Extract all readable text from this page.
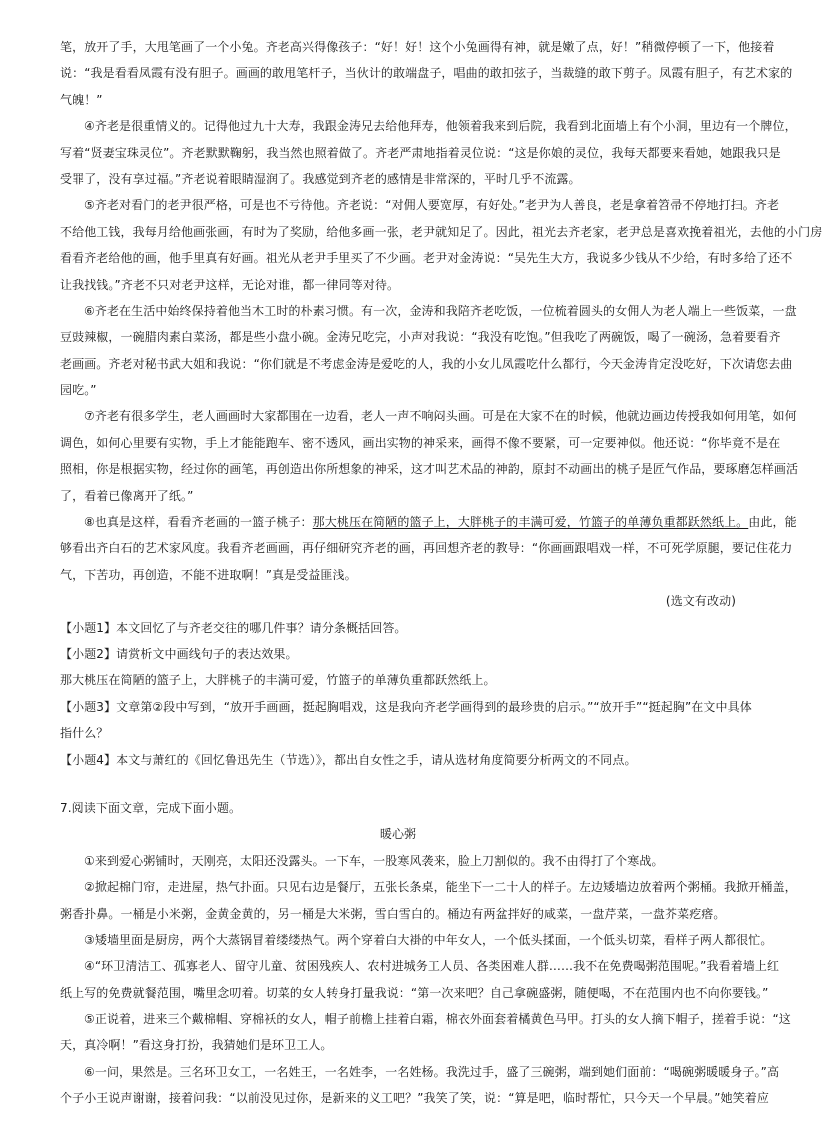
笔，放开了手，大甩笔画了一个小兔。齐老高兴得像孩子：“好！好！这个小兔画得有神，就是嫩了点，好！”稍微停顿了一下，他接着
说：“我是看看凤霞有没有胆子。画画的敢甩笔杆子，当伙计的敢端盘子，唱曲的敢扣弦子，当裁缝的敢下剪子。凤霞有胆子，有艺术家的
气魄！”
④齐老是很重情义的。记得他过九十大寿，我跟金涛兄去给他拜寿，他领着我来到后院，我看到北面墙上有个小洞，里边有一个牌位，
写着“贤妻宝珠灵位”。齐老默默鞠躬，我当然也照着做了。齐老严肃地指着灵位说：“这是你娘的灵位，我每天都要来看她，她跟我只是
受罪了，没有享过福。”齐老说着眼睛湿润了。我感觉到齐老的感情是非常深的，平时几乎不流露。
⑤齐老对看门的老尹很严格，可是也不亏待他。齐老说：“对佣人要宽厚，有好处。”老尹为人善良，老是拿着笤帚不停地打扫。齐老
不给他工钱，我每月给他画张画，有时为了奖励，给他多画一张，老尹就知足了。因此，祖光去齐老家，老尹总是喜欢挽着祖光，去他的小门房
看看齐老给他的画，他手里真有好画。祖光从老尹手里买了不少画。老尹对金涛说：“吴先生大方，我说多少钱从不少给，有时多给了还不
让我找钱。”齐老不只对老尹这样，无论对谁，都一律同等对待。
⑥齐老在生活中始终保持着他当木工时的朴素习惯。有一次，金涛和我陪齐老吃饭，一位梳着圆头的女佣人为老人端上一些饭菜，一盘
豆豉辣椒，一碗腊肉素白菜汤，都是些小盘小碗。金涛兄吃完，小声对我说：“我没有吃饱。”但我吃了两碗饭，喝了一碗汤，急着要看齐
老画画。齐老对秘书武大姐和我说：“你们就是不考虑金涛是爱吃的人，我的小女儿凤霞吃什么都行，今天金涛肯定没吃好，下次请您去曲
园吃。”
⑦齐老有很多学生，老人画画时大家都围在一边看，老人一声不响闷头画。可是在大家不在的时候，他就边画边传授我如何用笔，如何
调色，如何心里要有实物，手上才能能跑车、密不透风，画出实物的神采来，画得不像不要紧，可一定要神似。他还说：“你毕竟不是在
照相，你是根据实物，经过你的画笔，再创造出你所想象的神采，这才叫艺术品的神韵，原封不动画出的桃子是匠气作品，要琢磨怎样画活
了，看着已像离开了纸。”
⑧也真是这样，看看齐老画的一篮子桃子：那大桃压在简陋的篮子上，大胖桃子的丰满可爱，竹篮子的单薄负重都跃然纸上。由此，能
够看出齐白石的艺术家风度。我看齐老画画，再仔细研究齐老的画，再回想齐老的教导：“你画画跟唱戏一样，不可死学原腿，要记住花力
气，下苦功，再创造，不能不进取啊！”真是受益匪浅。
(选文有改动)
【小题1】本文回忆了与齐老交往的哪几件事？请分条概括回答。
【小题2】请赏析文中画线句子的表达效果。
那大桃压在简陋的篮子上，大胖桃子的丰满可爱，竹篮子的单薄负重都跃然纸上。
【小题3】文章第②段中写到，“放开手画画，挺起胸唱戏，这是我向齐老学画得到的最珍贵的启示。”“放开手”“挺起胸”在文中具体
指什么？
【小题4】本文与萧红的《回忆鲁迅先生（节选）》，都出自女性之手，请从选材角度简要分析两文的不同点。
7.阅读下面文章，完成下面小题。
暖心粥
①来到爱心粥铺时，天刚亮，太阳还没露头。一下车，一股寒风袭来，脸上刀割似的。我不由得打了个寒战。
②掀起棉门帘，走进屋，热气扑面。只见右边是餐厅，五张长条桌，能坐下一二十人的样子。左边矮墙边放着两个粥桶。我掀开桶盖，
粥香扑鼻。一桶是小米粥，金黄金黄的，另一桶是大米粥，雪白雪白的。桶边有两盆拌好的咸菜，一盘芹菜，一盘芥菜疙瘩。
③矮墙里面是厨房，两个大蒸锅冒着缕缕热气。两个穿着白大褂的中年女人，一个低头揉面，一个低头切菜，看样子两人都很忙。
④“环卫清洁工、孤寡老人、留守儿童、贫困残疾人、农村进城务工人员、各类困难人群……我不在免费喝粥范围呢。”我看着墙上红
纸上写的免费就餐范围，嘴里念叨着。切菜的女人转身打量我说：“第一次来吧？自己拿碗盛粥，随便喝，不在范围内也不向你要钱。”
⑤正说着，进来三个戴棉帽、穿棉袄的女人，帽子前檐上挂着白霜，棉衣外面套着橘黄色马甲。打头的女人摘下帽子，搓着手说：“这
天，真冷啊！”看这身打扮，我猜她们是环卫工人。
⑥一问，果然是。三名环卫女工，一名姓王，一名姓李，一名姓杨。我洗过手，盛了三碗粥，端到她们面前：“喝碗粥暖暖身子。”高
个子小王说声谢谢，接着问我：“以前没见过你，是新来的义工吧？”我笑了笑，说：“算是吧，临时帮忙，只今天一个早晨。”她笑着应
